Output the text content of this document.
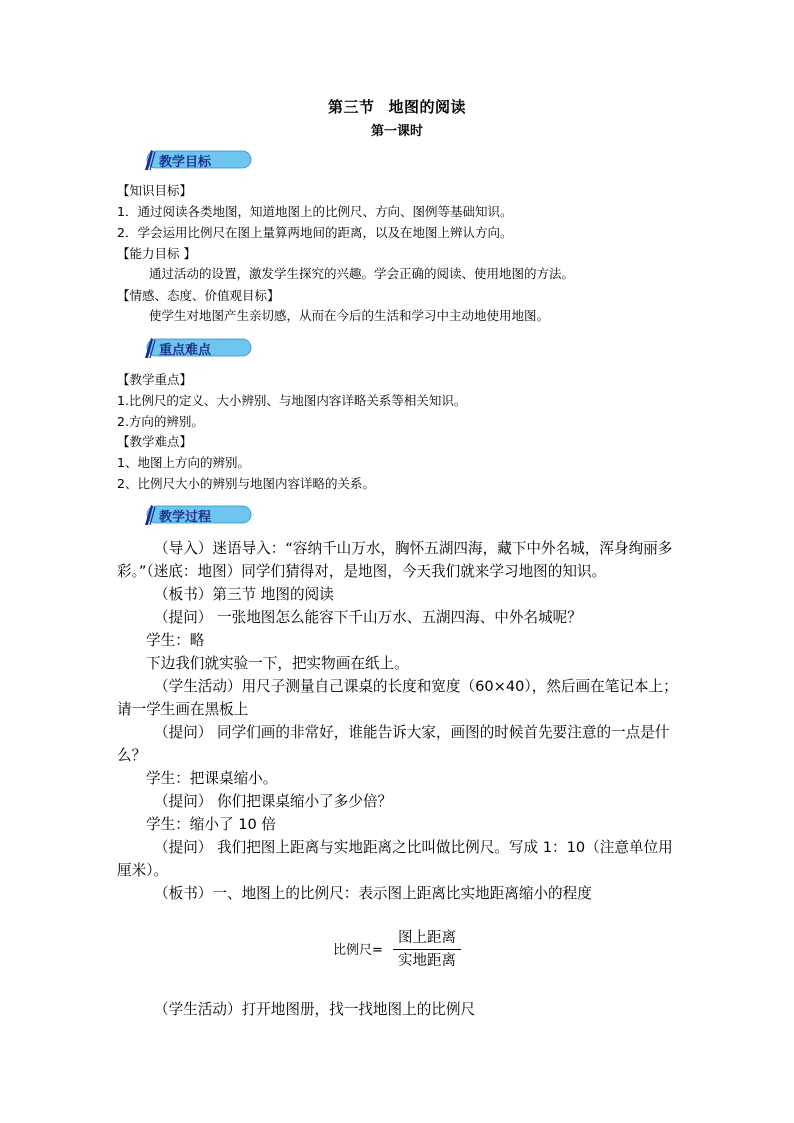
第三节 地图的阅读
第一课时
教学目标
【知识目标】
1．通过阅读各类地图，知道地图上的比例尺、方向、图例等基础知识。
2．学会运用比例尺在图上量算两地间的距离，以及在地图上辨认方向。
【能力目标 】
通过活动的设置，激发学生探究的兴趣。学会正确的阅读、使用地图的方法。
【情感、态度、价值观目标】
使学生对地图产生亲切感，从而在今后的生活和学习中主动地使用地图。
重点难点
【教学重点】
1.比例尺的定义、大小辨别、与地图内容详略关系等相关知识。
2.方向的辨别。
【教学难点】
1、地图上方向的辨别。
2、比例尺大小的辨别与地图内容详略的关系。
教学过程

（导入）迷语导入：“容纳千山万水，胸怀五湖四海，藏下中外名城，浑身绚丽多彩。”（迷底：地图）同学们猜得对，是地图，今天我们就来学习地图的知识。

（板书）第三节 地图的阅读

（提问） 一张地图怎么能容下千山万水、五湖四海、中外名城呢？

学生：略

下边我们就实验一下，把实物画在纸上。

（学生活动）用尺子测量自己课桌的长度和宽度（60×40），然后画在笔记本上；请一学生画在黑板上

（提问） 同学们画的非常好，谁能告诉大家，画图的时候首先要注意的一点是什么？

学生：把课桌缩小。

（提问） 你们把课桌缩小了多少倍？

学生：缩小了 10 倍

（提问） 我们把图上距离与实地距离之比叫做比例尺。写成 1：10（注意单位用厘米）。

（板书）一、地图上的比例尺：表示图上距离比实地距离缩小的程度

比例尺=
图上距离
实地距离

（学生活动）打开地图册，找一找地图上的比例尺
